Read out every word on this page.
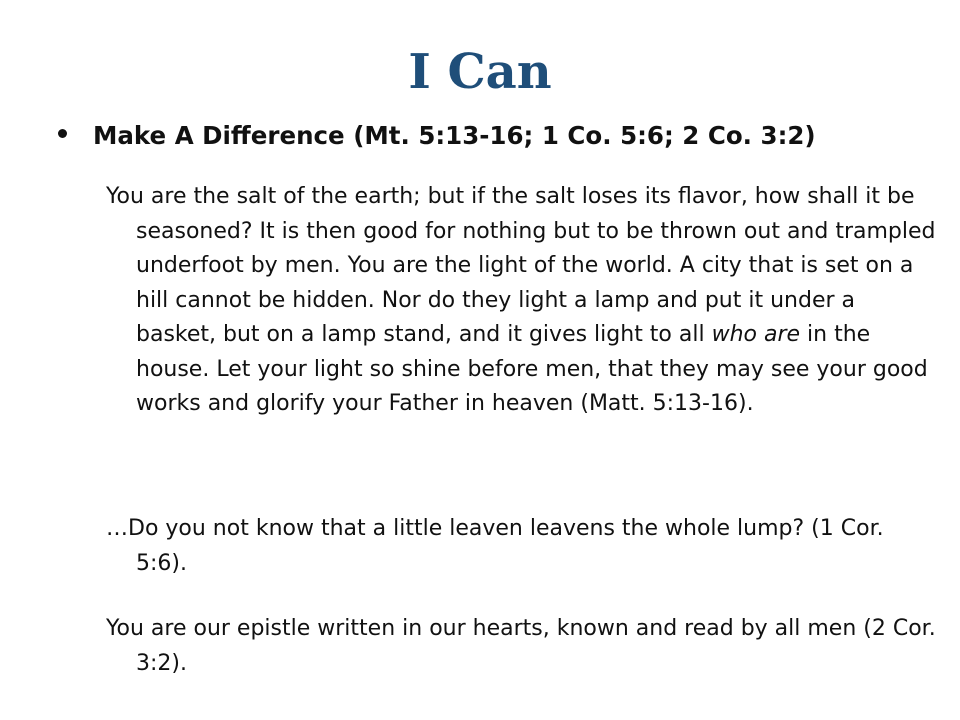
I Can
Make A Difference (Mt. 5:13-16; 1 Co. 5:6; 2 Co. 3:2)

You are the salt of the earth; but if the salt loses its flavor, how shall it be seasoned? It is then good for nothing but to be thrown out and trampled underfoot by men. You are the light of the world. A city that is set on a hill cannot be hidden. Nor do they light a lamp and put it under a basket, but on a lamp stand, and it gives light to all who are in the house. Let your light so shine before men, that they may see your good works and glorify your Father in heaven (Matt. 5:13-16).

…Do you not know that a little leaven leavens the whole lump? (1 Cor. 5:6).

You are our epistle written in our hearts, known and read by all men (2 Cor. 3:2).
